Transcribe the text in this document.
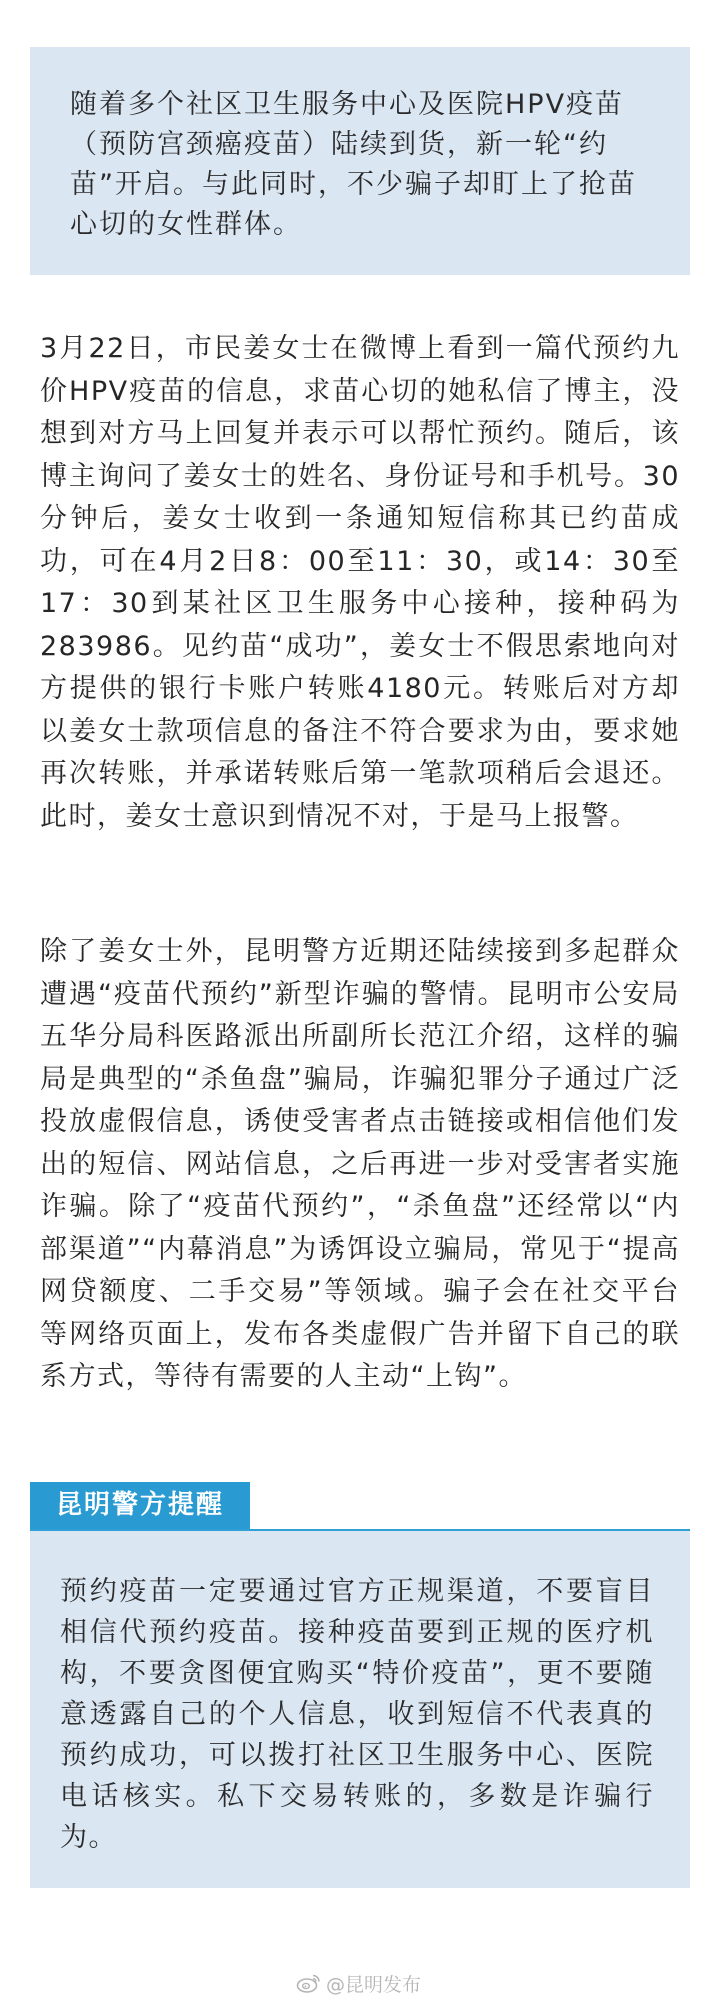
随着多个社区卫生服务中心及医院HPV疫苗（预防宫颈癌疫苗）陆续到货，新一轮“约苗”开启。与此同时，不少骗子却盯上了抢苗心切的女性群体。

3月22日，市民姜女士在微博上看到一篇代预约九价HPV疫苗的信息，求苗心切的她私信了博主，没想到对方马上回复并表示可以帮忙预约。随后，该博主询问了姜女士的姓名、身份证号和手机号。30分钟后，姜女士收到一条通知短信称其已约苗成功，可在4月2日8：00至11：30，或14：30至17：30到某社区卫生服务中心接种，接种码为283986。见约苗“成功”，姜女士不假思索地向对方提供的银行卡账户转账4180元。转账后对方却以姜女士款项信息的备注不符合要求为由，要求她再次转账，并承诺转账后第一笔款项稍后会退还。此时，姜女士意识到情况不对，于是马上报警。

除了姜女士外，昆明警方近期还陆续接到多起群众遭遇“疫苗代预约”新型诈骗的警情。昆明市公安局五华分局科医路派出所副所长范江介绍，这样的骗局是典型的“杀鱼盘”骗局，诈骗犯罪分子通过广泛投放虚假信息，诱使受害者点击链接或相信他们发出的短信、网站信息，之后再进一步对受害者实施诈骗。除了“疫苗代预约”，“杀鱼盘”还经常以“内部渠道”“内幕消息”为诱饵设立骗局，常见于“提高网贷额度、二手交易”等领域。骗子会在社交平台等网络页面上，发布各类虚假广告并留下自己的联系方式，等待有需要的人主动“上钩”。

昆明警方提醒

预约疫苗一定要通过官方正规渠道，不要盲目相信代预约疫苗。接种疫苗要到正规的医疗机构，不要贪图便宜购买“特价疫苗”，更不要随意透露自己的个人信息，收到短信不代表真的预约成功，可以拨打社区卫生服务中心、医院电话核实。私下交易转账的，多数是诈骗行为。

@昆明发布
